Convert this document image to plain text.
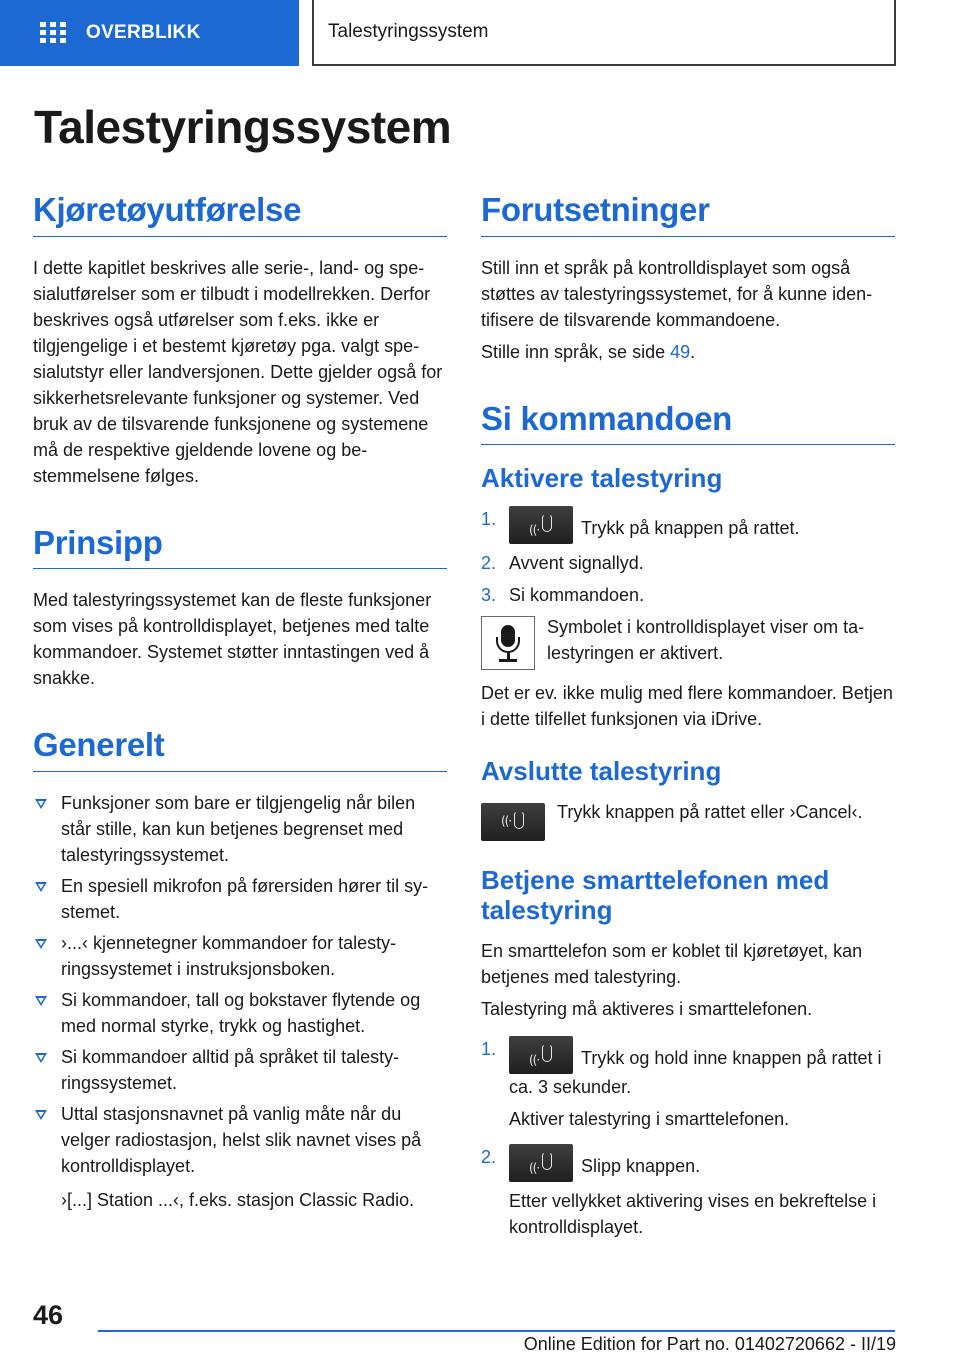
OVERBLIKK	Talestyringssystem
Talestyringssystem
Kjøretøyutførelse

I dette kapitlet beskrives alle serie-, land- og spesialutførelser som er tilbudt i modellrekken. Derfor beskrives også utførelser som f.eks. ikke er tilgjengelige i et bestemt kjøretøy pga. valgt spesialutstyr eller landversjonen. Dette gjelder også for sikkerhetsrelevante funksjoner og systemer. Ved bruk av de tilsvarende funksjonene og systemene må de respektive gjeldende lovene og bestemmelsene følges.

Prinsipp

Med talestyringssystemet kan de fleste funksjoner som vises på kontrolldisplayet, betjenes med talte kommandoer. Systemet støtter inntastingen ved å snakke.

Generelt
Funksjoner som bare er tilgjengelig når bilen står stille, kan kun betjenes begrenset med talestyringssystemet.
En spesiell mikrofon på førersiden hører til systemet.
›...‹ kjennetegner kommandoer for talestyringssystemet i instruksjonsboken.
Si kommandoer, tall og bokstaver flytende og med normal styrke, trykk og hastighet.
Si kommandoer alltid på språket til talestyringssystemet.
Uttal stasjonsnavnet på vanlig måte når du velger radiostasjon, helst slik navnet vises på kontrolldisplayet.
›[...] Station ...‹, f.eks. stasjon Classic Radio.
Forutsetninger

Still inn et språk på kontrolldisplayet som også støttes av talestyringssystemet, for å kunne identifisere de tilsvarende kommandoene.

Stille inn språk, se side 49.

Si kommandoen
Aktivere talestyring
1.
((· Trykk på knappen på rattet.
2. Avvent signallyd.
3. Si kommandoen.
Symbolet i kontrolldisplayet viser om talestyringen er aktivert.

Det er ev. ikke mulig med flere kommandoer. Betjen i dette tilfellet funksjonen via iDrive.

Avslutte talestyring
((·	Trykk knappen på rattet eller ›Cancel‹.

Betjene smarttelefonen med talestyring

En smarttelefon som er koblet til kjøretøyet, kan betjenes med talestyring.

Talestyring må aktiveres i smarttelefonen.

1.
((· Trykk og hold inne knappen på rattet i ca. 3 sekunder.
Aktiver talestyring i smarttelefonen.
2.
((· Slipp knappen.
Etter vellykket aktivering vises en bekreftelse i kontrolldisplayet.
46
Online Edition for Part no. 01402720662 - II/19
